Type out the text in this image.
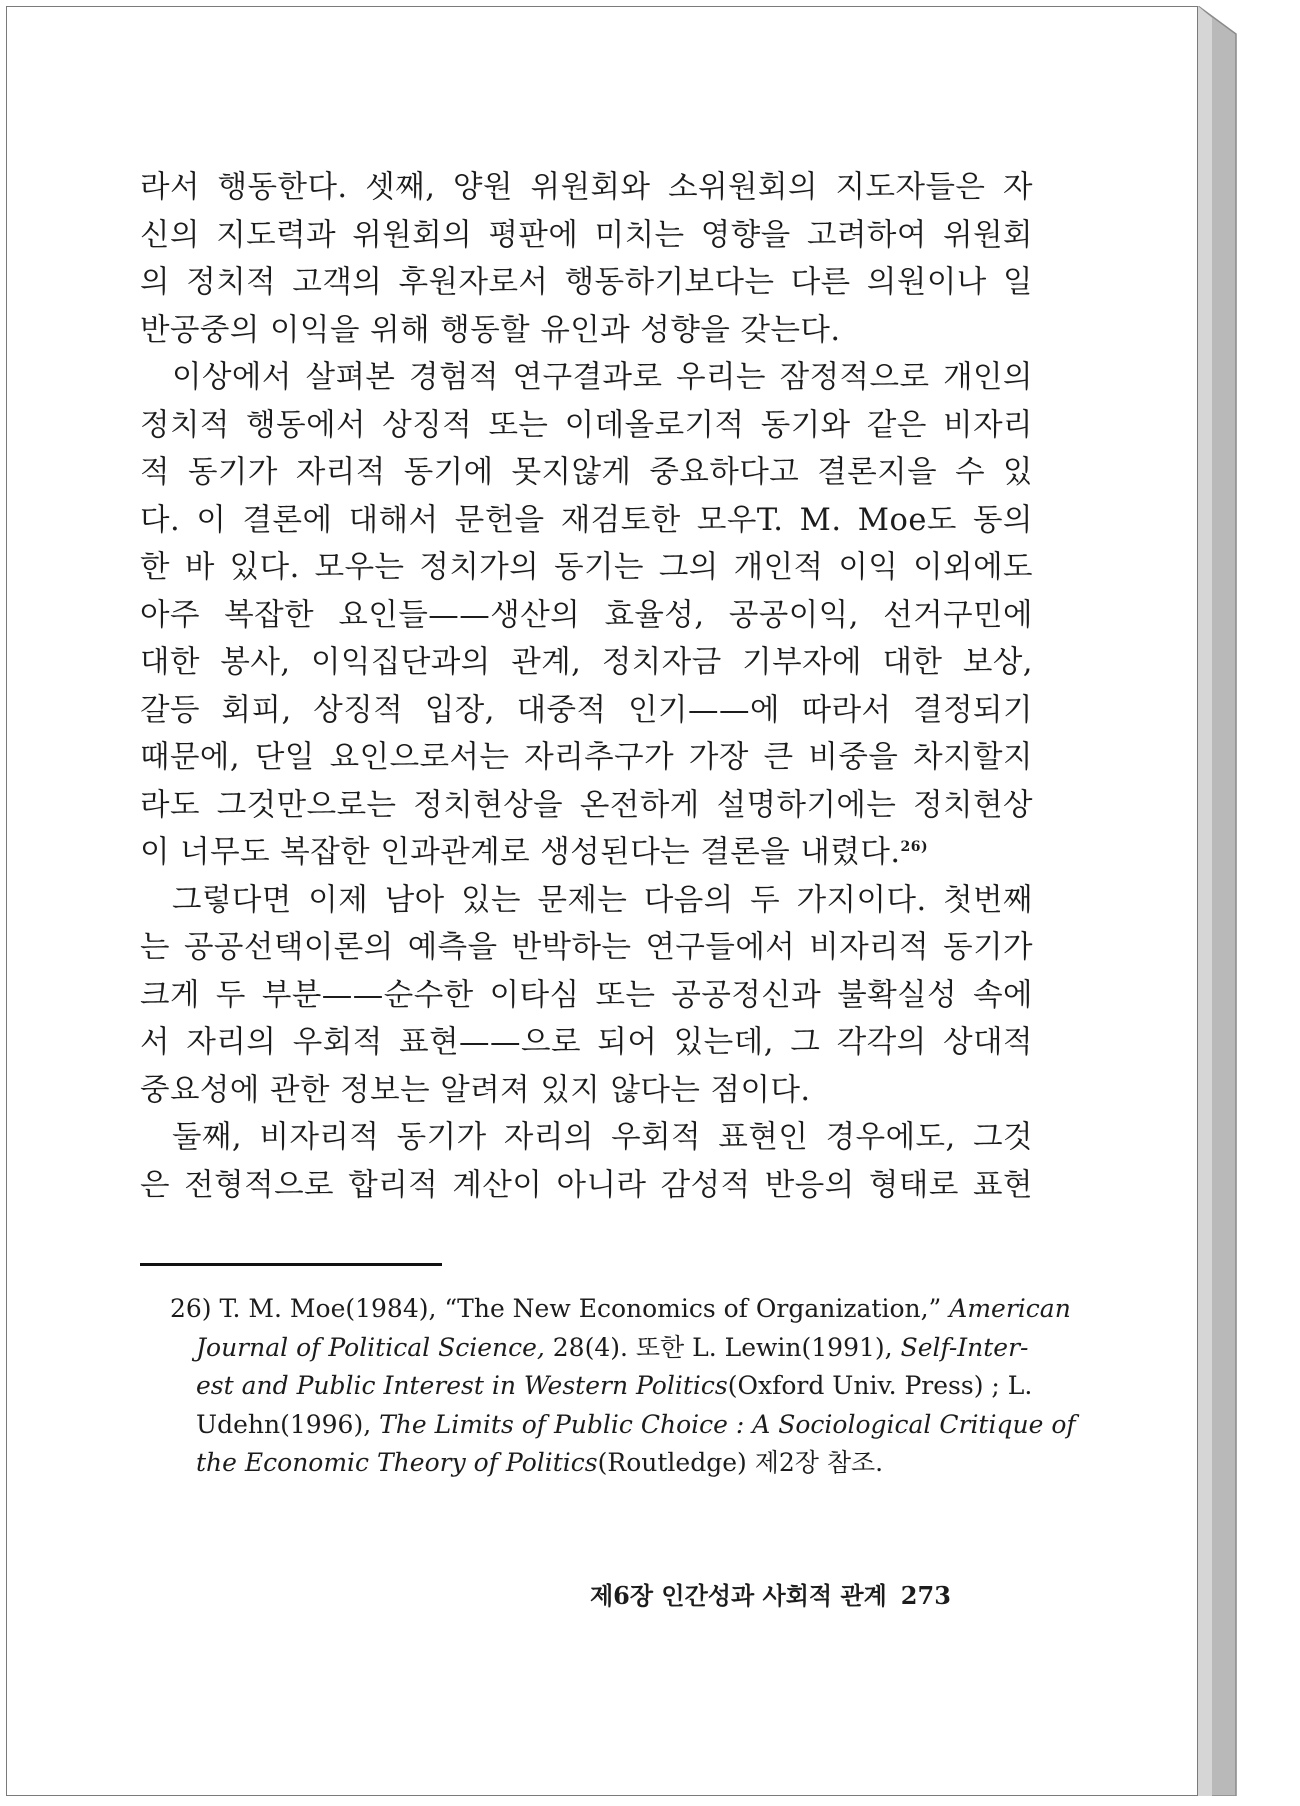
라서 행동한다. 셋째, 양원 위원회와 소위원회의 지도자들은 자

신의 지도력과 위원회의 평판에 미치는 영향을 고려하여 위원회

의 정치적 고객의 후원자로서 행동하기보다는 다른 의원이나 일

반공중의 이익을 위해 행동할 유인과 성향을 갖는다.

이상에서 살펴본 경험적 연구결과로 우리는 잠정적으로 개인의

정치적 행동에서 상징적 또는 이데올로기적 동기와 같은 비자리

적 동기가 자리적 동기에 못지않게 중요하다고 결론지을 수 있

다. 이 결론에 대해서 문헌을 재검토한 모우T. M. Moe도 동의

한 바 있다. 모우는 정치가의 동기는 그의 개인적 이익 이외에도

아주 복잡한 요인들——생산의 효율성, 공공이익, 선거구민에

대한 봉사, 이익집단과의 관계, 정치자금 기부자에 대한 보상,

갈등 회피, 상징적 입장, 대중적 인기——에 따라서 결정되기

때문에, 단일 요인으로서는 자리추구가 가장 큰 비중을 차지할지

라도 그것만으로는 정치현상을 온전하게 설명하기에는 정치현상

이 너무도 복잡한 인과관계로 생성된다는 결론을 내렸다.$^{26)}$

그렇다면 이제 남아 있는 문제는 다음의 두 가지이다. 첫번째

는 공공선택이론의 예측을 반박하는 연구들에서 비자리적 동기가

크게 두 부분——순수한 이타심 또는 공공정신과 불확실성 속에

서 자리의 우회적 표현——으로 되어 있는데, 그 각각의 상대적

중요성에 관한 정보는 알려져 있지 않다는 점이다.

둘째, 비자리적 동기가 자리의 우회적 표현인 경우에도, 그것

은 전형적으로 합리적 계산이 아니라 감성적 반응의 형태로 표현

26) T. M. Moe(1984), “The New Economics of Organization,” American
Journal of Political Science, 28(4). 또한 L. Lewin(1991), Self-Inter-
est and Public Interest in Western Politics(Oxford Univ. Press) ; L.
Udehn(1996), The Limits of Public Choice : A Sociological Critique of
the Economic Theory of Politics(Routledge) 제2장 참조.
제6장 인간성과 사회적 관계 273
